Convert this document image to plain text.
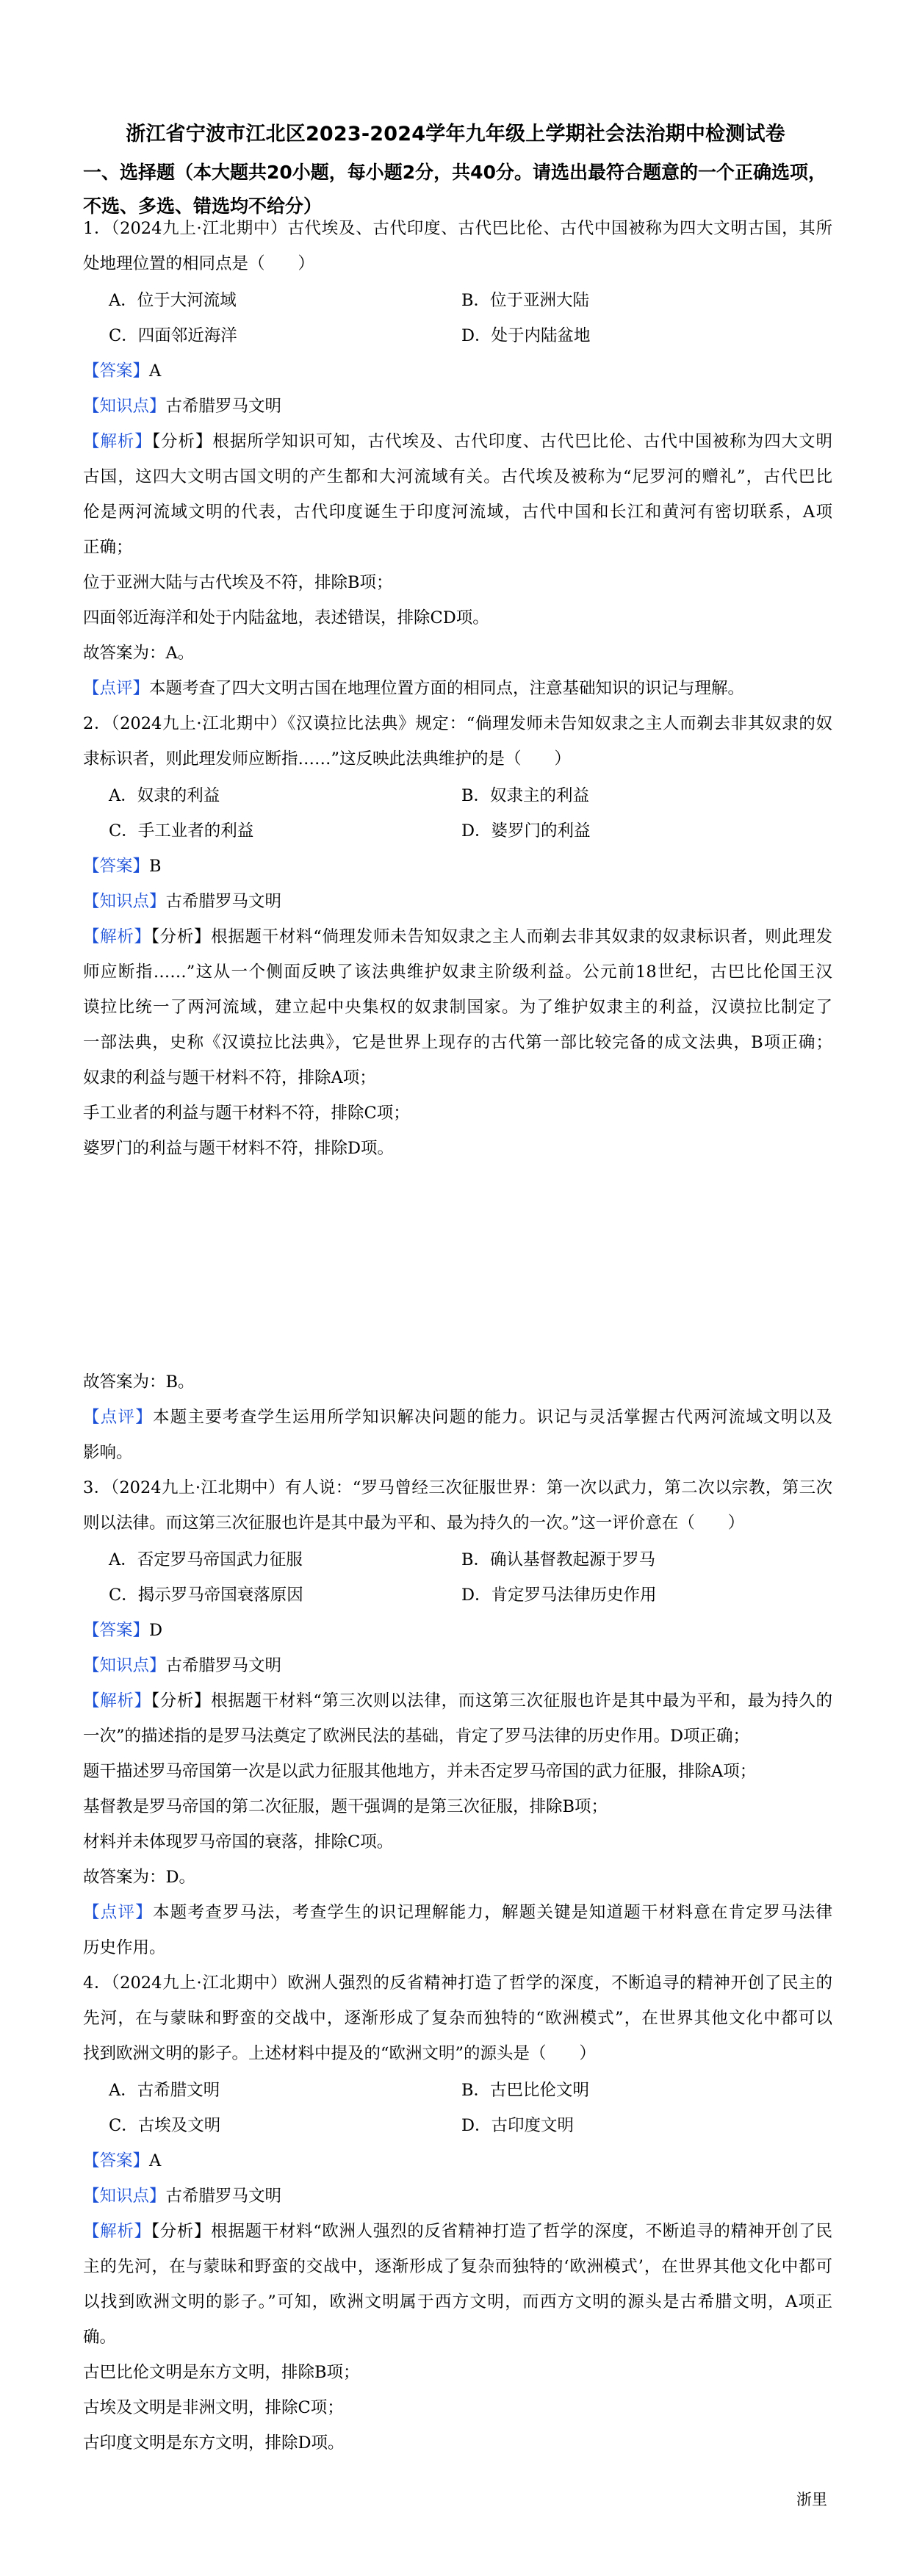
浙江省宁波市江北区2023-2024学年九年级上学期社会法治期中检测试卷
一、选择题（本大题共20小题，每小题2分，共40分。请选出最符合题意的一个正确选项，
不选、多选、错选均不给分）
1．（2024九上·江北期中）古代埃及、古代印度、古代巴比伦、古代中国被称为四大文明古国，其所
处地理位置的相同点是（　　）
A．位于大河流域	B．位于亚洲大陆
C．四面邻近海洋	D．处于内陆盆地
【答案】A
【知识点】古希腊罗马文明
【解析】【分析】根据所学知识可知，古代埃及、古代印度、古代巴比伦、古代中国被称为四大文明
古国，这四大文明古国文明的产生都和大河流域有关。古代埃及被称为“尼罗河的赠礼”，古代巴比
伦是两河流域文明的代表，古代印度诞生于印度河流域，古代中国和长江和黄河有密切联系，A项
正确；
位于亚洲大陆与古代埃及不符，排除B项；
四面邻近海洋和处于内陆盆地，表述错误，排除CD项。
故答案为：A。
【点评】本题考查了四大文明古国在地理位置方面的相同点，注意基础知识的识记与理解。
2．（2024九上·江北期中）《汉谟拉比法典》规定：“倘理发师未告知奴隶之主人而剃去非其奴隶的奴
隶标识者，则此理发师应断指……”这反映此法典维护的是（　　）
A．奴隶的利益	B．奴隶主的利益
C．手工业者的利益	D．婆罗门的利益
【答案】B
【知识点】古希腊罗马文明
【解析】【分析】根据题干材料“倘理发师未告知奴隶之主人而剃去非其奴隶的奴隶标识者，则此理发
师应断指……”这从一个侧面反映了该法典维护奴隶主阶级利益。公元前18世纪，古巴比伦国王汉
谟拉比统一了两河流域，建立起中央集权的奴隶制国家。为了维护奴隶主的利益，汉谟拉比制定了
一部法典，史称《汉谟拉比法典》，它是世界上现存的古代第一部比较完备的成文法典，B项正确；
奴隶的利益与题干材料不符，排除A项；
手工业者的利益与题干材料不符，排除C项；
婆罗门的利益与题干材料不符，排除D项。
故答案为：B。
【点评】本题主要考查学生运用所学知识解决问题的能力。识记与灵活掌握古代两河流域文明以及
影响。
3．（2024九上·江北期中）有人说：“罗马曾经三次征服世界：第一次以武力，第二次以宗教，第三次
则以法律。而这第三次征服也许是其中最为平和、最为持久的一次。”这一评价意在（　　）
A．否定罗马帝国武力征服	B．确认基督教起源于罗马
C．揭示罗马帝国衰落原因	D．肯定罗马法律历史作用
【答案】D
【知识点】古希腊罗马文明
【解析】【分析】根据题干材料“第三次则以法律，而这第三次征服也许是其中最为平和，最为持久的
一次”的描述指的是罗马法奠定了欧洲民法的基础，肯定了罗马法律的历史作用。D项正确；
题干描述罗马帝国第一次是以武力征服其他地方，并未否定罗马帝国的武力征服，排除A项；
基督教是罗马帝国的第二次征服，题干强调的是第三次征服，排除B项；
材料并未体现罗马帝国的衰落，排除C项。
故答案为：D。
【点评】本题考查罗马法，考查学生的识记理解能力，解题关键是知道题干材料意在肯定罗马法律
历史作用。
4．（2024九上·江北期中）欧洲人强烈的反省精神打造了哲学的深度，不断追寻的精神开创了民主的
先河，在与蒙昧和野蛮的交战中，逐渐形成了复杂而独特的“欧洲模式”，在世界其他文化中都可以
找到欧洲文明的影子。上述材料中提及的“欧洲文明”的源头是（　　）
A．古希腊文明	B．古巴比伦文明
C．古埃及文明	D．古印度文明
【答案】A
【知识点】古希腊罗马文明
【解析】【分析】根据题干材料“欧洲人强烈的反省精神打造了哲学的深度，不断追寻的精神开创了民
主的先河，在与蒙昧和野蛮的交战中，逐渐形成了复杂而独特的‘欧洲模式’，在世界其他文化中都可
以找到欧洲文明的影子。”可知，欧洲文明属于西方文明，而西方文明的源头是古希腊文明，A项正
确。
古巴比伦文明是东方文明，排除B项；
古埃及文明是非洲文明，排除C项；
古印度文明是东方文明，排除D项。
浙里
